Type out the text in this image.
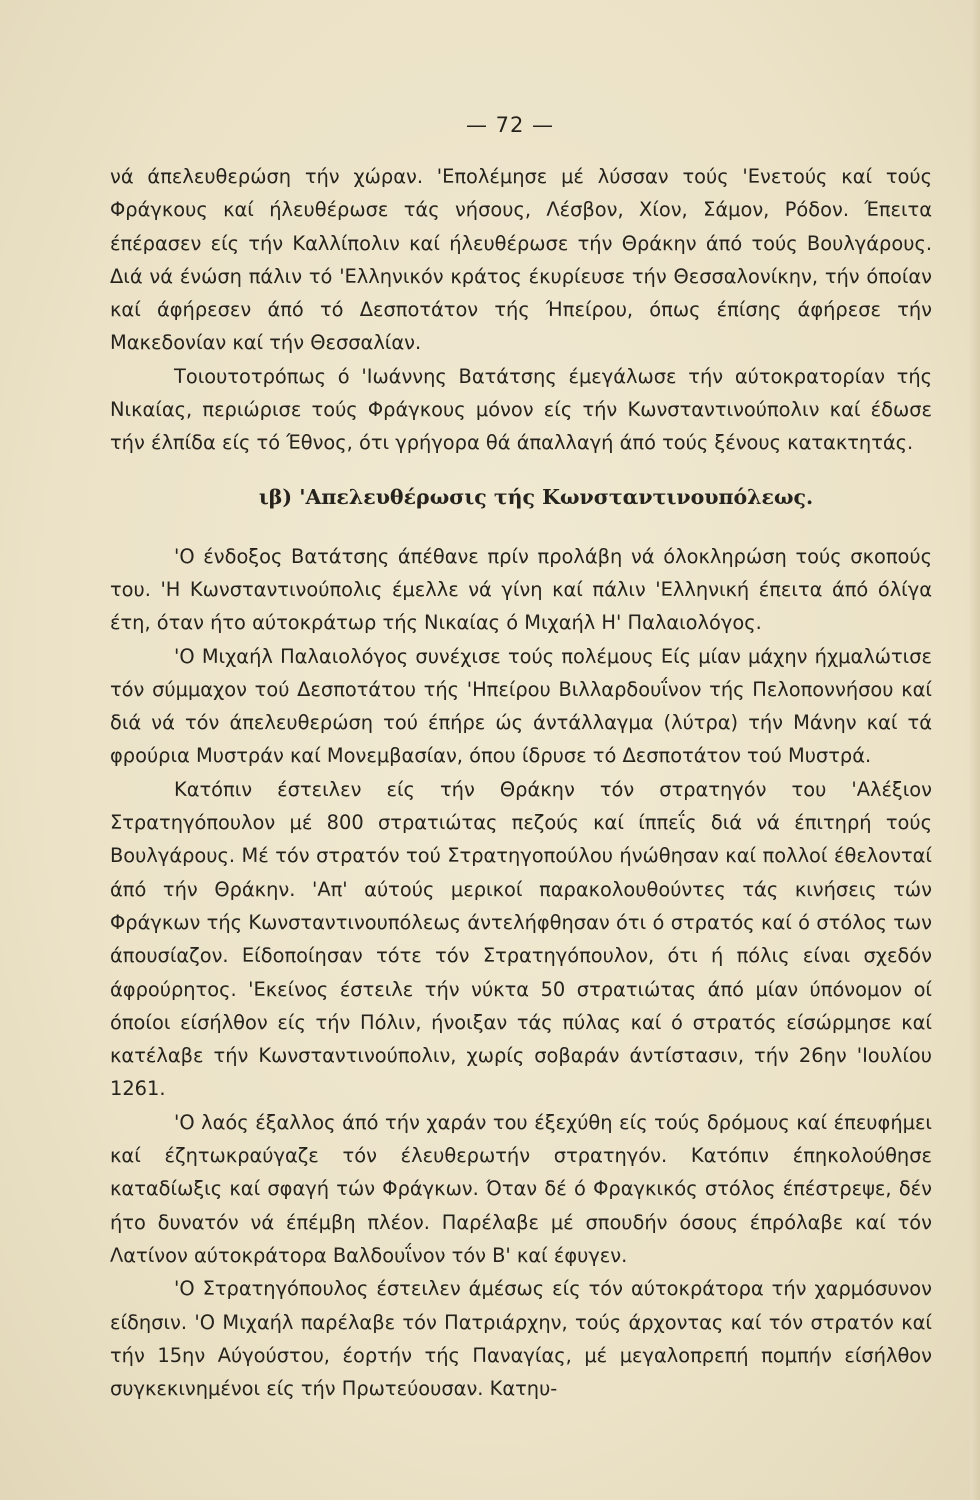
— 72 —

νά άπελευθερώση τήν χώραν. 'Επολέμησε μέ λύσσαν τούς 'Ενετούς καί τούς Φράγκους καί ήλευθέρωσε τάς νήσους, Λέσβον, Χίον, Σάμον, Ρόδον. Έπειτα έπέρασεν είς τήν Καλλίπολιν καί ήλευθέρωσε τήν Θράκην άπό τούς Βουλγάρους. Διά νά ένώση πάλιν τό 'Ελληνικόν κράτος έκυρίευσε τήν Θεσσαλονίκην, τήν όποίαν καί άφήρεσεν άπό τό Δεσποτάτον τής Ήπείρου, όπως έπίσης άφήρεσε τήν Μακεδονίαν καί τήν Θεσσαλίαν.

Τοιουτοτρόπως ό 'Ιωάννης Βατάτσης έμεγάλωσε τήν αύτοκρατορίαν τής Νικαίας, περιώρισε τούς Φράγκους μόνον είς τήν Κωνσταντινούπολιν καί έδωσε τήν έλπίδα είς τό Έθνος, ότι γρήγορα θά άπαλλαγή άπό τούς ξένους κατακτητάς.

ιβ) 'Απελευθέρωσις τής Κωνσταντινουπόλεως.

'Ο ένδοξος Βατάτσης άπέθανε πρίν προλάβη νά όλοκληρώση τούς σκοπούς του. 'Η Κωνσταντινούπολις έμελλε νά γίνη καί πάλιν 'Ελληνική έπειτα άπό όλίγα έτη, όταν ήτο αύτοκράτωρ τής Νικαίας ό Μιχαήλ Η' Παλαιολόγος.

'Ο Μιχαήλ Παλαιολόγος συνέχισε τούς πολέμους Είς μίαν μάχην ήχμαλώτισε τόν σύμμαχον τού Δεσποτάτου τής 'Ηπείρου Βιλλαρδουΐνον τής Πελοποννήσου καί διά νά τόν άπελευθερώση τού έπήρε ώς άντάλλαγμα (λύτρα) τήν Μάνην καί τά φρούρια Μυστράν καί Μονεμβασίαν, όπου ίδρυσε τό Δεσποτάτον τού Μυστρά.

Κατόπιν έστειλεν είς τήν Θράκην τόν στρατηγόν του 'Αλέξιον Στρατηγόπουλον μέ 800 στρατιώτας πεζούς καί ίππεΐς διά νά έπιτηρή τούς Βουλγάρους. Μέ τόν στρατόν τού Στρατηγοπούλου ήνώθησαν καί πολλοί έθελονταί άπό τήν Θράκην. 'Απ' αύτούς μερικοί παρακολουθούντες τάς κινήσεις τών Φράγκων τής Κωνσταντινουπόλεως άντελήφθησαν ότι ό στρατός καί ό στόλος των άπουσίαζον. Είδοποίησαν τότε τόν Στρατηγόπουλον, ότι ή πόλις είναι σχεδόν άφρούρητος. 'Εκείνος έστειλε τήν νύκτα 50 στρατιώτας άπό μίαν ύπόνομον οί όποίοι είσήλθον είς τήν Πόλιν, ήνοιξαν τάς πύλας καί ό στρατός είσώρμησε καί κατέλαβε τήν Κωνσταντινούπολιν, χωρίς σοβαράν άντίστασιν, τήν 26ην 'Ιουλίου 1261.

'Ο λαός έξαλλος άπό τήν χαράν του έξεχύθη είς τούς δρόμους καί έπευφήμει καί έζητωκραύγαζε τόν έλευθερωτήν στρατηγόν. Κατόπιν έπηκολούθησε καταδίωξις καί σφαγή τών Φράγκων. Όταν δέ ό Φραγκικός στόλος έπέστρεψε, δέν ήτο δυνατόν νά έπέμβη πλέον. Παρέλαβε μέ σπουδήν όσους έπρόλαβε καί τόν Λατίνον αύτοκράτορα Βαλδουΐνον τόν Β' καί έφυγεν.

'Ο Στρατηγόπουλος έστειλεν άμέσως είς τόν αύτοκράτορα τήν χαρμόσυνον είδησιν. 'Ο Μιχαήλ παρέλαβε τόν Πατριάρχην, τούς άρχοντας καί τόν στρατόν καί τήν 15ην Αύγούστου, έορτήν τής Παναγίας, μέ μεγαλοπρεπή πομπήν είσήλθον συγκεκινημένοι είς τήν Πρωτεύουσαν. Κατηυ-
